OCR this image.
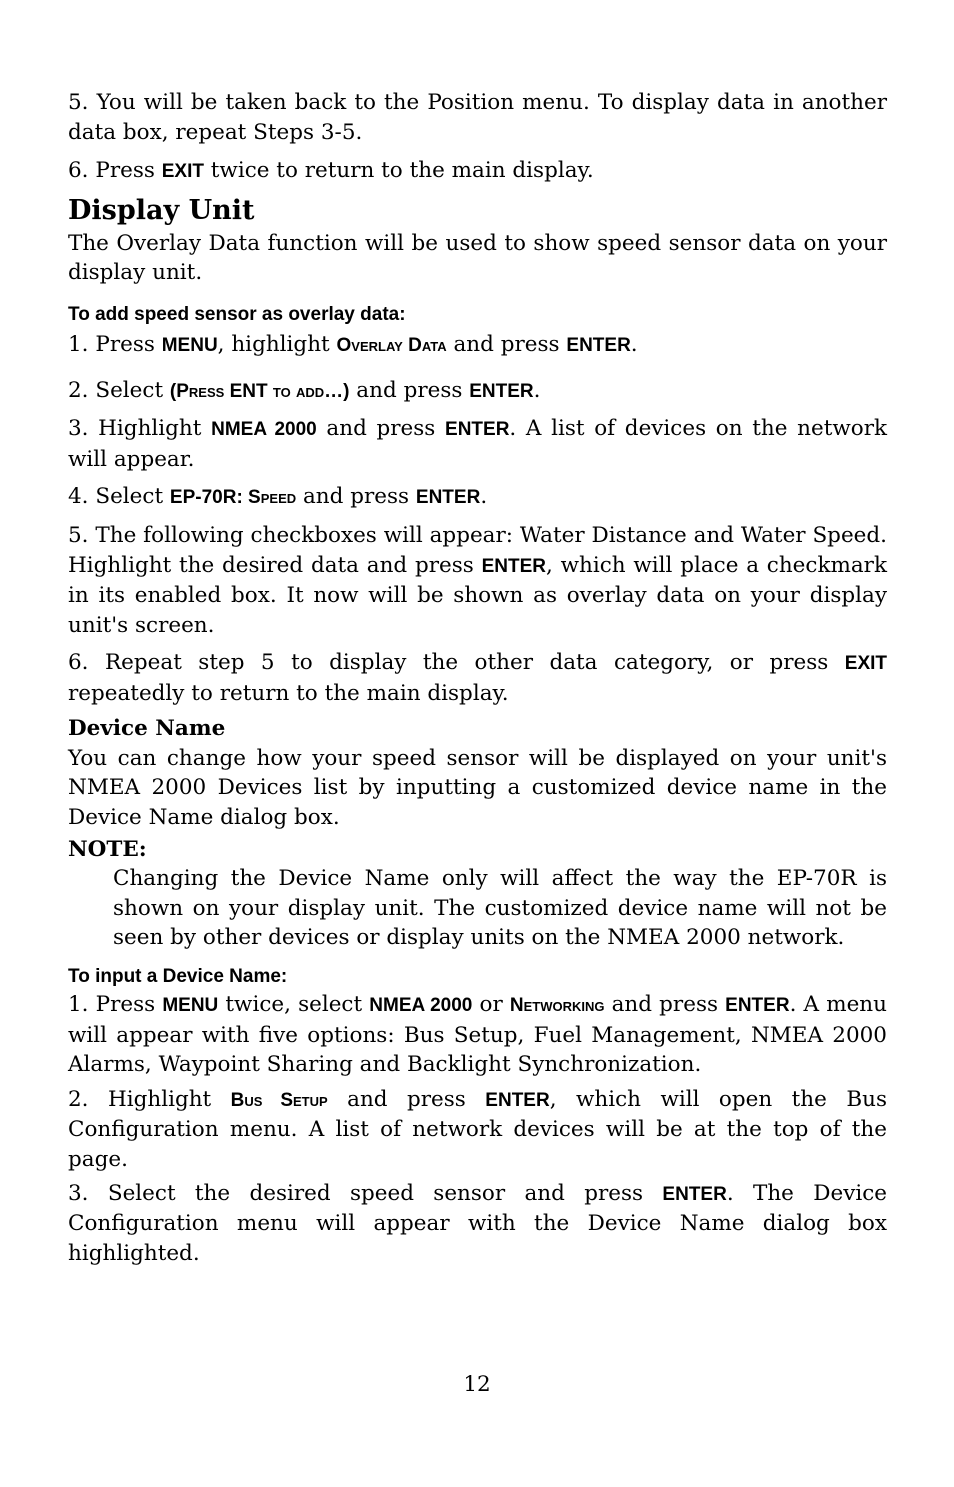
5. You will be taken back to the Position menu. To display data in another data box, repeat Steps 3-5.

6. Press EXIT twice to return to the main display.

Display Unit

The Overlay Data function will be used to show speed sensor data on your display unit.

To add speed sensor as overlay data:

1. Press MENU, highlight Overlay Data and press ENTER.

2. Select (Press ENT to add…) and press ENTER.

3. Highlight NMEA 2000 and press ENTER. A list of devices on the network will appear.

4. Select EP-70R: Speed and press ENTER.

5. The following checkboxes will appear: Water Distance and Water Speed. Highlight the desired data and press ENTER, which will place a checkmark in its enabled box. It now will be shown as overlay data on your display unit's screen.

6. Repeat step 5 to display the other data category, or press EXIT repeatedly to return to the main display.

Device Name

You can change how your speed sensor will be displayed on your unit's NMEA 2000 Devices list by inputting a customized device name in the Device Name dialog box.

NOTE:

Changing the Device Name only will affect the way the EP-70R is shown on your display unit. The customized device name will not be seen by other devices or display units on the NMEA 2000 network.

To input a Device Name:

1. Press MENU twice, select NMEA 2000 or Networking and press ENTER. A menu will appear with five options: Bus Setup, Fuel Management, NMEA 2000 Alarms, Waypoint Sharing and Backlight Synchronization.

2. Highlight Bus Setup and press ENTER, which will open the Bus Configuration menu. A list of network devices will be at the top of the page.

3. Select the desired speed sensor and press ENTER. The Device Configuration menu will appear with the Device Name dialog box highlighted.

12
